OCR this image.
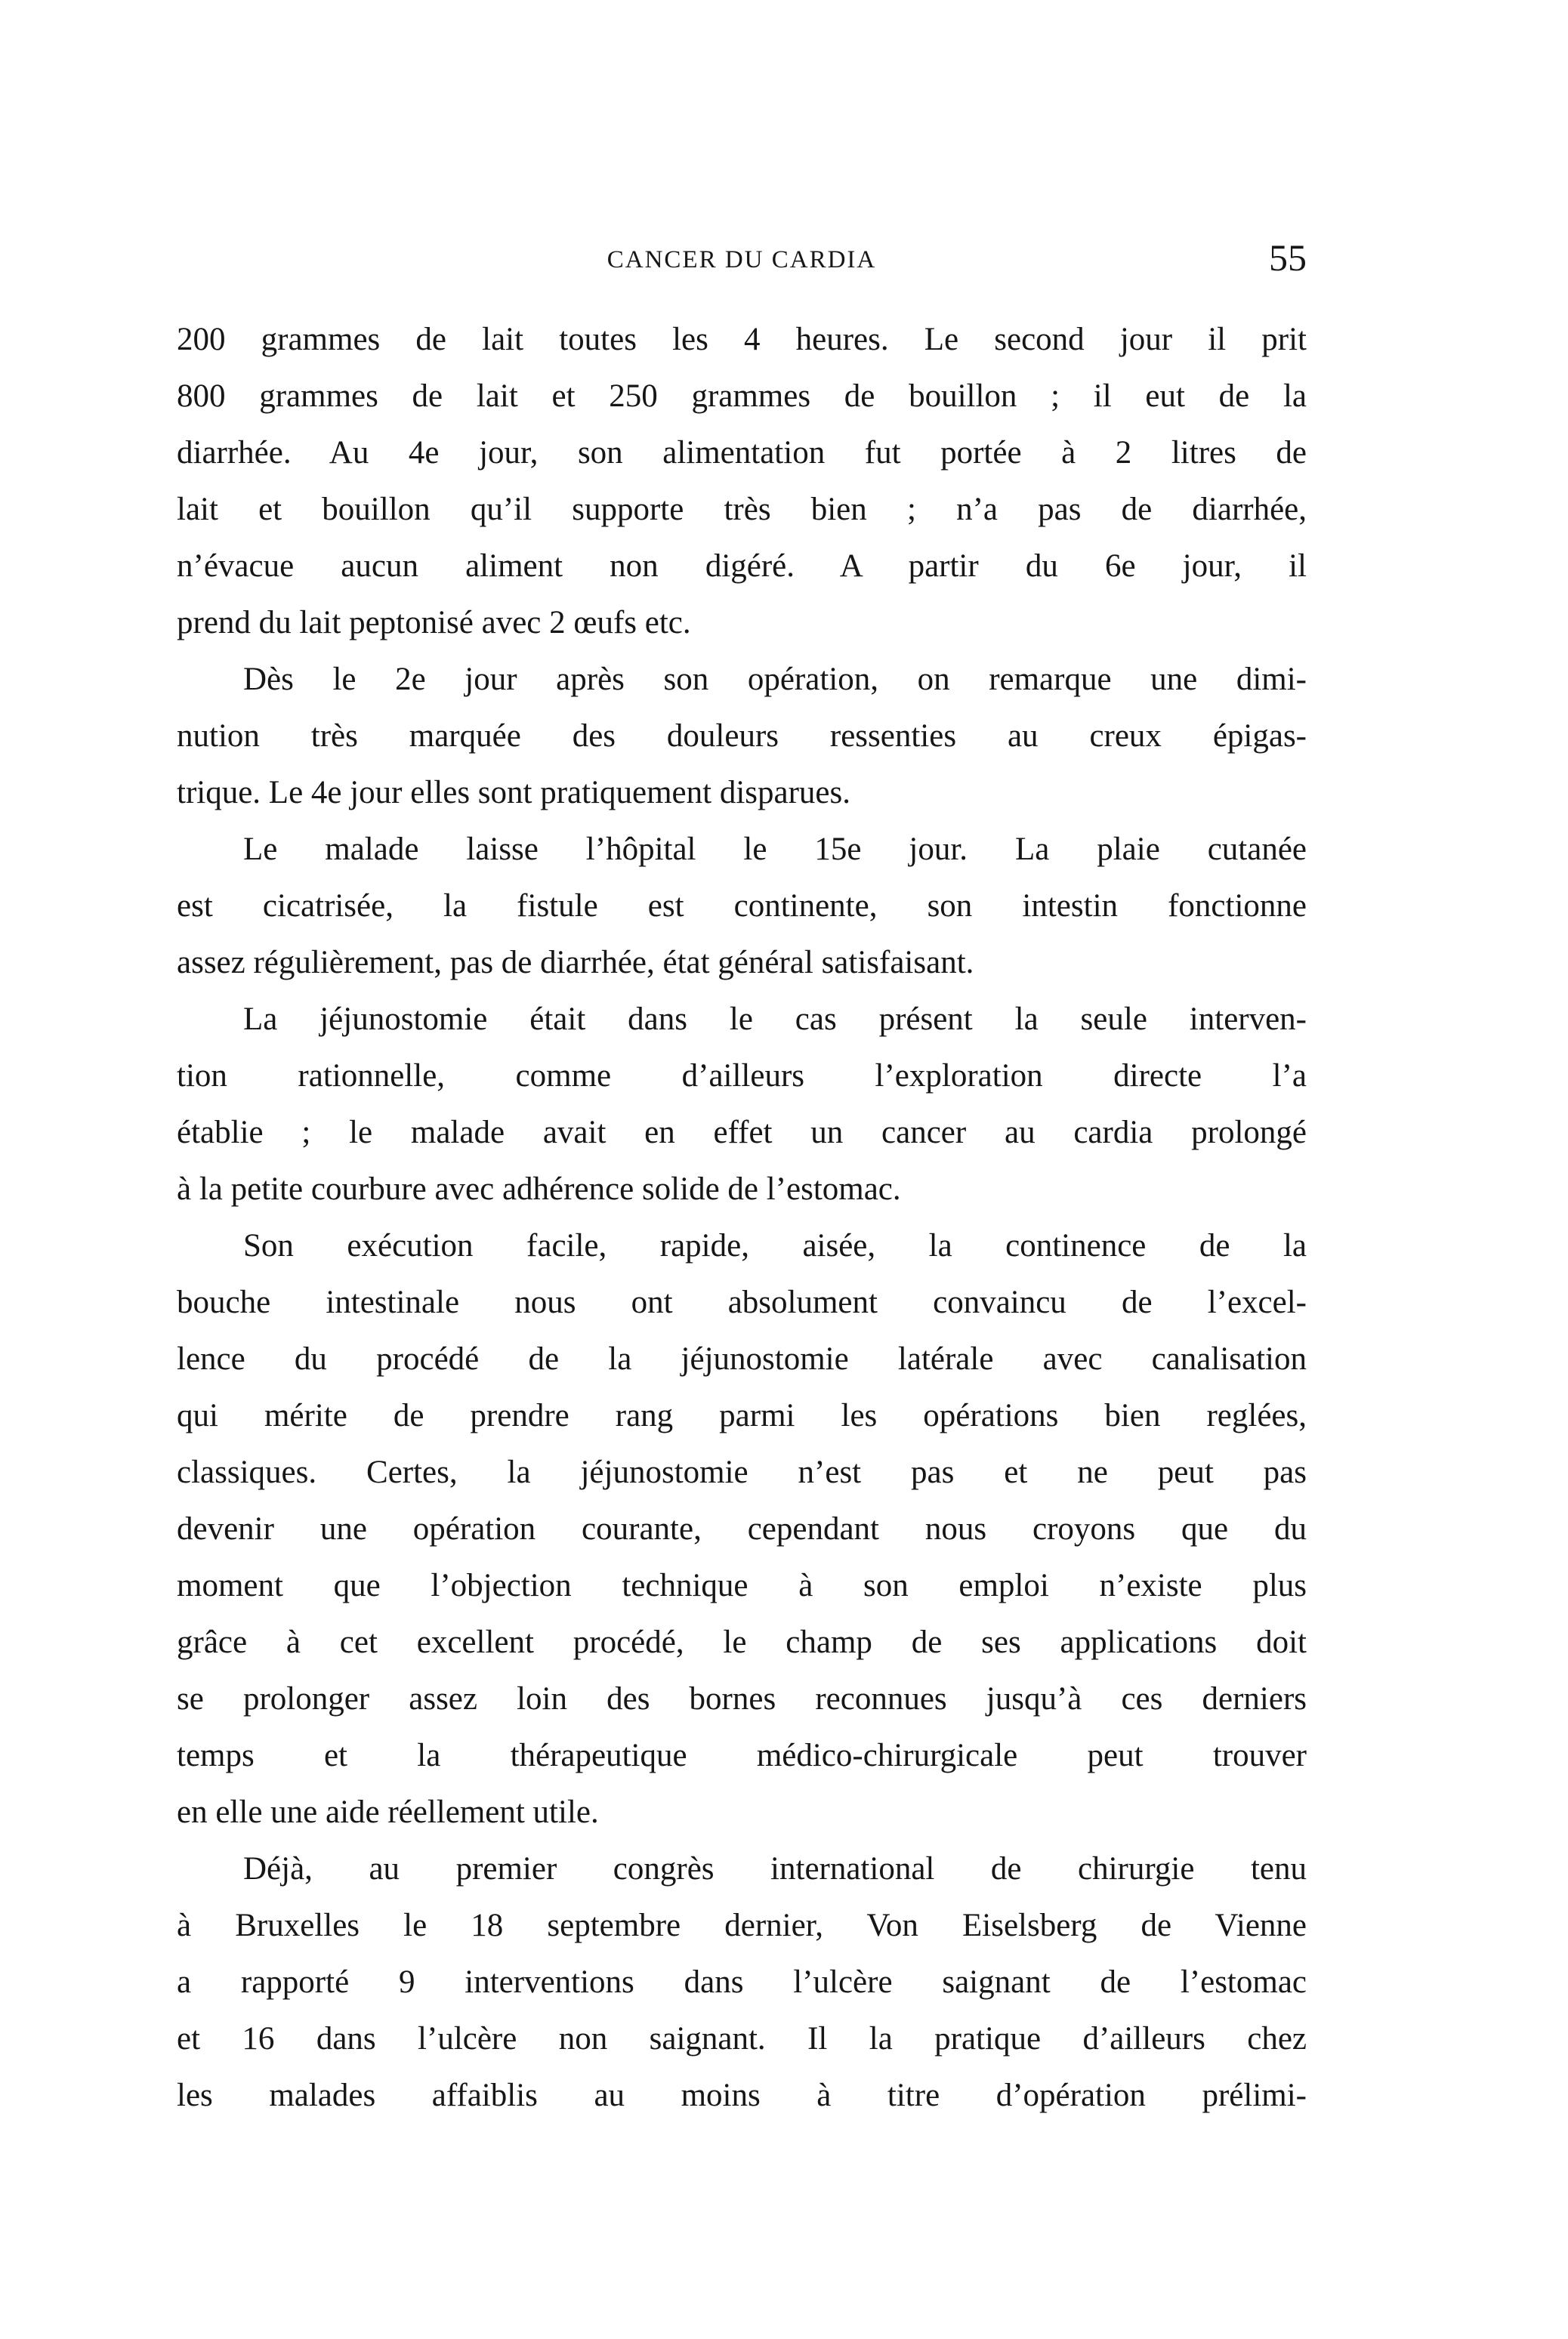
CANCER DU CARDIA	55
200 grammes de lait toutes les 4 heures. Le second jour il prit
800 grammes de lait et 250 grammes de bouillon ; il eut de la
diarrhée. Au 4e jour, son alimentation fut portée à 2 litres de
lait et bouillon qu’il supporte très bien ; n’a pas de diarrhée,
n’évacue aucun aliment non digéré. A partir du 6e jour, il
prend du lait peptonisé avec 2 œufs etc.
Dès le 2e jour après son opération, on remarque une dimi-
nution très marquée des douleurs ressenties au creux épigas-
trique. Le 4e jour elles sont pratiquement disparues.
Le malade laisse l’hôpital le 15e jour. La plaie cutanée
est cicatrisée, la fistule est continente, son intestin fonctionne
assez régulièrement, pas de diarrhée, état général satisfaisant.
La jéjunostomie était dans le cas présent la seule interven-
tion rationnelle, comme d’ailleurs l’exploration directe l’a
établie ; le malade avait en effet un cancer au cardia prolongé
à la petite courbure avec adhérence solide de l’estomac.
Son exécution facile, rapide, aisée, la continence de la
bouche intestinale nous ont absolument convaincu de l’excel-
lence du procédé de la jéjunostomie latérale avec canalisation
qui mérite de prendre rang parmi les opérations bien reglées,
classiques. Certes, la jéjunostomie n’est pas et ne peut pas
devenir une opération courante, cependant nous croyons que du
moment que l’objection technique à son emploi n’existe plus
grâce à cet excellent procédé, le champ de ses applications doit
se prolonger assez loin des bornes reconnues jusqu’à ces derniers
temps et la thérapeutique médico-chirurgicale peut trouver
en elle une aide réellement utile.
Déjà, au premier congrès international de chirurgie tenu
à Bruxelles le 18 septembre dernier, Von Eiselsberg de Vienne
a rapporté 9 interventions dans l’ulcère saignant de l’estomac
et 16 dans l’ulcère non saignant. Il la pratique d’ailleurs chez
les malades affaiblis au moins à titre d’opération prélimi-
